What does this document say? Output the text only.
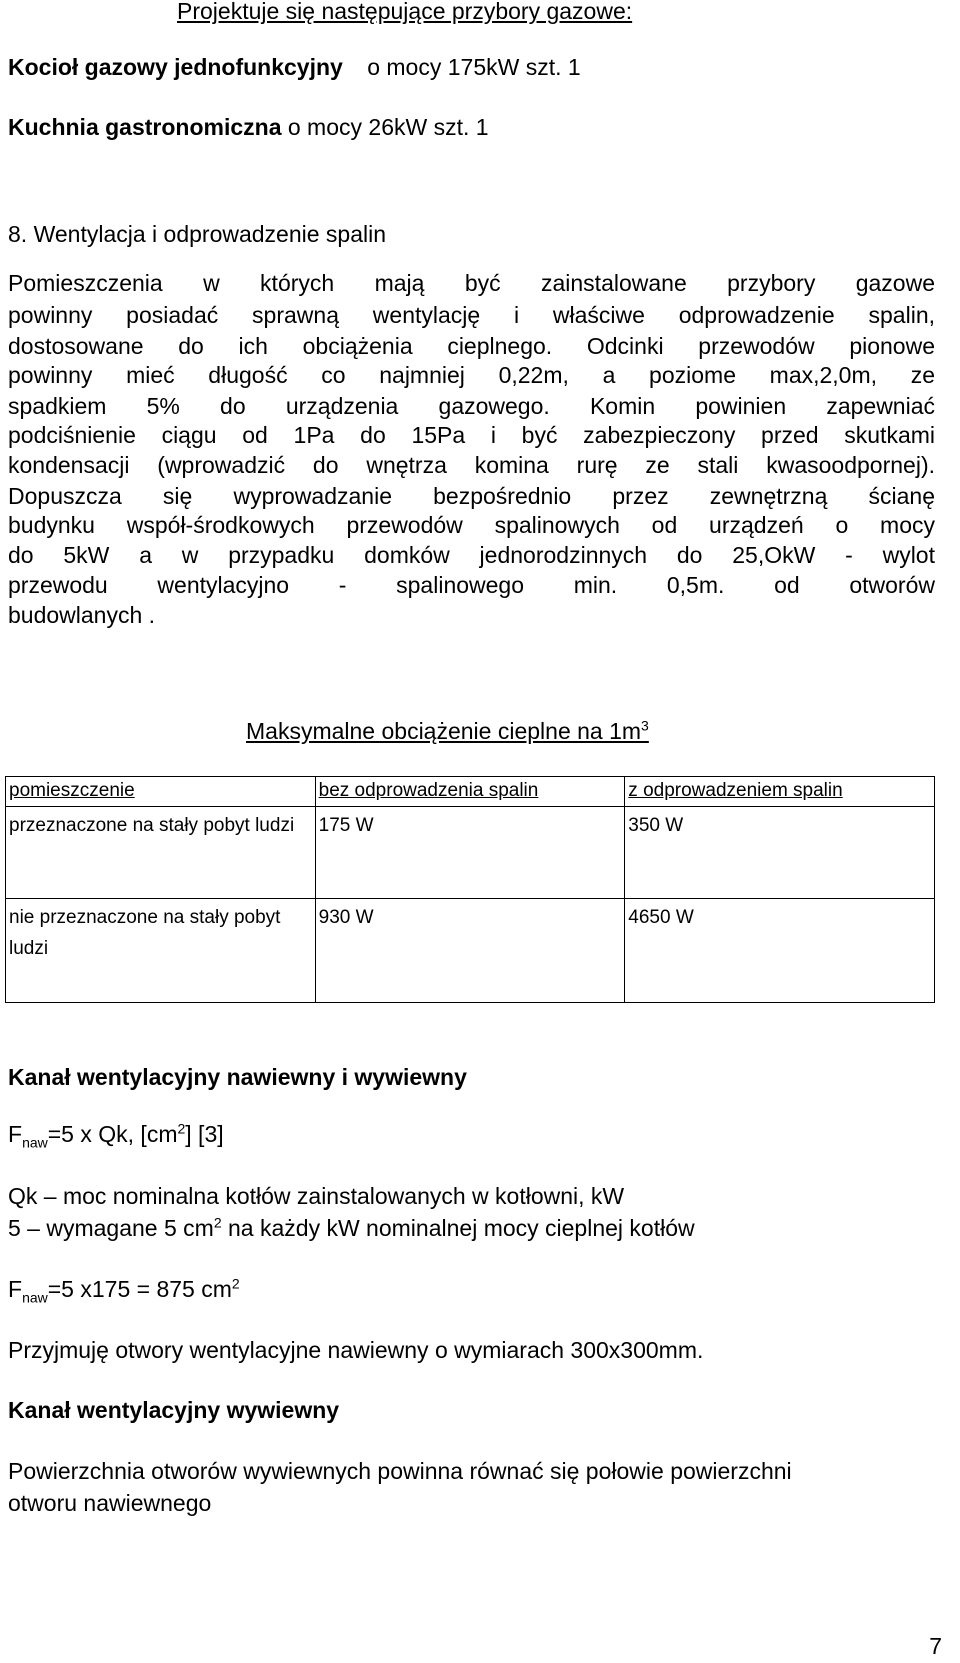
Projektuje się następujące przybory gazowe:
Kocioł gazowy jednofunkcyjny o mocy 175kW szt. 1
Kuchnia gastronomiczna o mocy 26kW szt. 1
8. Wentylacja i odprowadzenie spalin
Pomieszczenia w których mają być zainstalowane przybory gazowe
powinny posiadać sprawną wentylację i właściwe odprowadzenie spalin,
dostosowane do ich obciążenia cieplnego. Odcinki przewodów pionowe
powinny mieć długość co najmniej 0,22m, a poziome max,2,0m, ze
spadkiem 5% do urządzenia gazowego. Komin powinien zapewniać
podciśnienie ciągu od 1Pa do 15Pa i być zabezpieczony przed skutkami
kondensacji (wprowadzić do wnętrza komina rurę ze stali kwasoodpornej).
Dopuszcza się wyprowadzanie bezpośrednio przez zewnętrzną ścianę
budynku współ-środkowych przewodów spalinowych od urządzeń o mocy
do 5kW a w przypadku domków jednorodzinnych do 25,OkW - wylot
przewodu wentylacyjno - spalinowego min. 0,5m. od otworów
budowlanych .
Maksymalne obciążenie cieplne na $1m^3$
pomieszczenie	bez odprowadzenia spalin	z odprowadzeniem spalin
przeznaczone na stały pobyt ludzi	175 W	350 W
nie przeznaczone na stały pobyt ludzi	930 W	4650 W
Kanał wentylacyjny nawiewny i wywiewny
$F_{naw}=5$ x Qk, $[cm^2]$ [3]
Qk – moc nominalna kotłów zainstalowanych w kotłowni, kW
5 – wymagane 5 $cm^2$ na każdy kW nominalnej mocy cieplnej kotłów
$F_{naw}=5$ x175 = 875 $cm^2$
Przyjmuję otwory wentylacyjne nawiewny o wymiarach 300x300mm.
Kanał wentylacyjny wywiewny
Powierzchnia otworów wywiewnych powinna równać się połowie powierzchni
otworu nawiewnego
7
